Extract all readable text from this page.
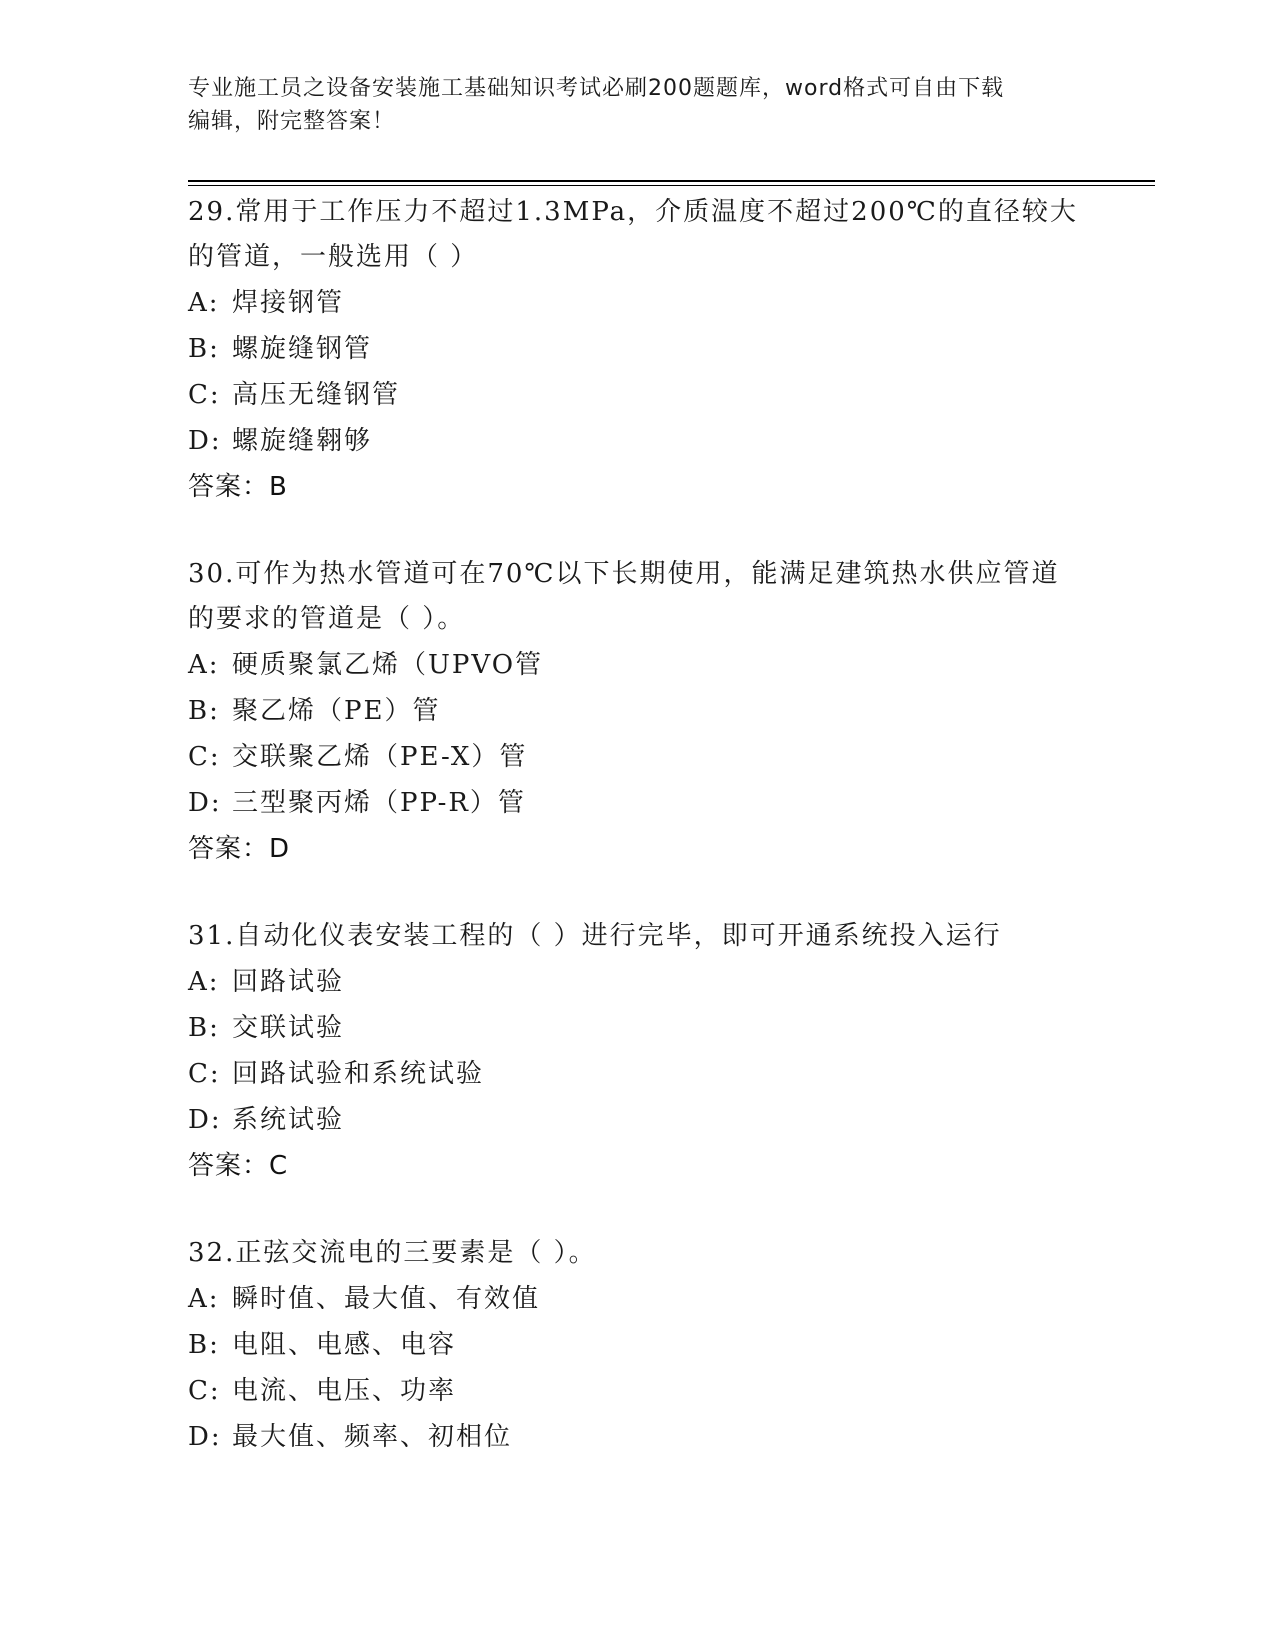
专业施工员之设备安装施工基础知识考试必刷200题题库，word格式可自由下载
编辑，附完整答案！

29.常用于工作压力不超过1.3MPa，介质温度不超过200℃的直径较大
的管道，一般选用（ ）

A: 焊接钢管

B: 螺旋缝钢管

C: 高压无缝钢管

D: 螺旋缝翱够

答案：B

30.可作为热水管道可在70℃以下长期使用，能满足建筑热水供应管道
的要求的管道是（ ）。

A: 硬质聚氯乙烯（UPVO管

B: 聚乙烯（PE）管

C: 交联聚乙烯（PE-X）管

D: 三型聚丙烯（PP-R）管

答案：D

31.自动化仪表安装工程的（ ）进行完毕，即可开通系统投入运行

A: 回路试验

B: 交联试验

C: 回路试验和系统试验

D: 系统试验

答案：C

32.正弦交流电的三要素是（ ）。

A: 瞬时值、最大值、有效值

B: 电阻、电感、电容

C: 电流、电压、功率

D: 最大值、频率、初相位
